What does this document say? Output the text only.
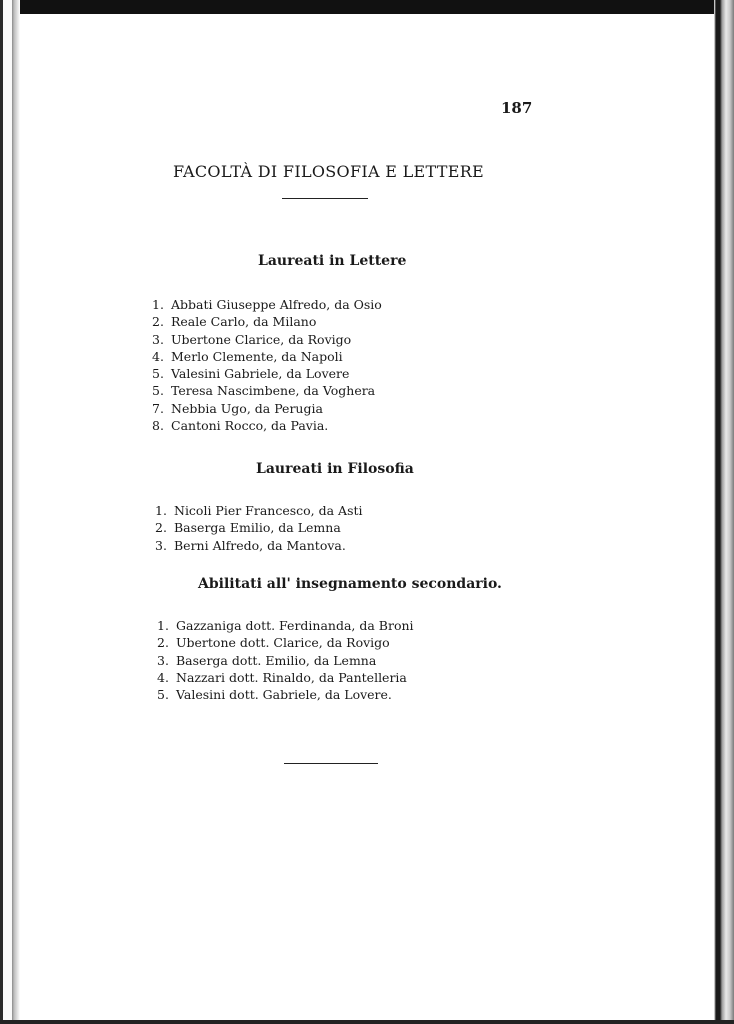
187
FACOLTÀ DI FILOSOFIA E LETTERE
Laureati in Lettere
1. Abbati Giuseppe Alfredo, da Osio
2. Reale Carlo, da Milano
3. Ubertone Clarice, da Rovigo
4. Merlo Clemente, da Napoli
5. Valesini Gabriele, da Lovere
5. Teresa Nascimbene, da Voghera
7. Nebbia Ugo, da Perugia
8. Cantoni Rocco, da Pavia.
Laureati in Filosofia
1. Nicoli Pier Francesco, da Asti
2. Baserga Emilio, da Lemna
3. Berni Alfredo, da Mantova.
Abilitati all' insegnamento secondario.
1. Gazzaniga dott. Ferdinanda, da Broni
2. Ubertone dott. Clarice, da Rovigo
3. Baserga dott. Emilio, da Lemna
4. Nazzari dott. Rinaldo, da Pantelleria
5. Valesini dott. Gabriele, da Lovere.
